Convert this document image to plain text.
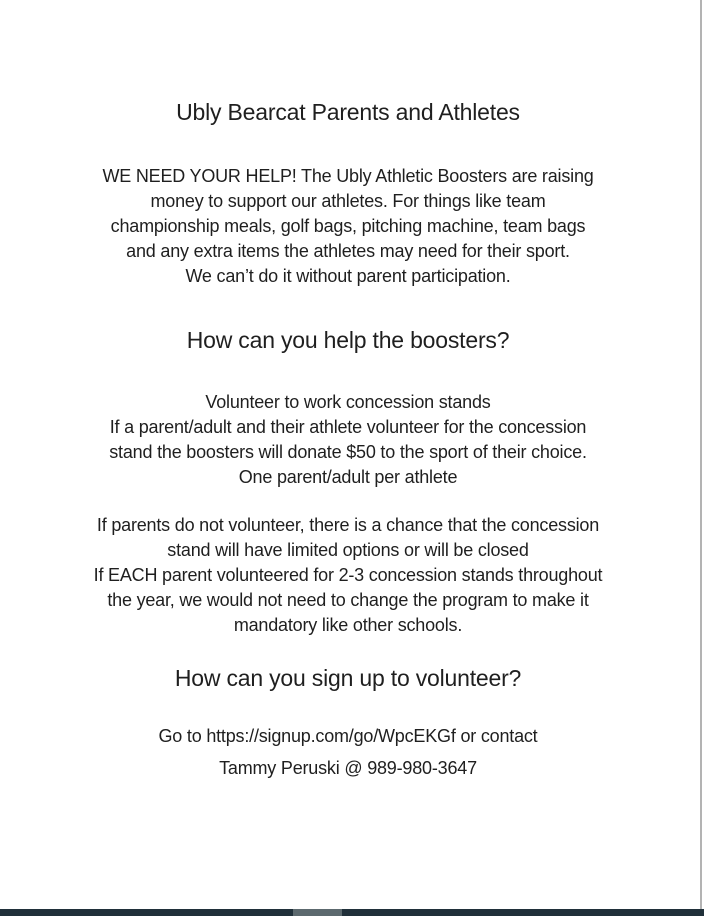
Ubly Bearcat Parents and Athletes
WE NEED YOUR HELP! The Ubly Athletic Boosters are raising
money to support our athletes. For things like team
championship meals, golf bags, pitching machine, team bags
and any extra items the athletes may need for their sport.
We can’t do it without parent participation.
How can you help the boosters?
Volunteer to work concession stands
If a parent/adult and their athlete volunteer for the concession
stand the boosters will donate $50 to the sport of their choice.
One parent/adult per athlete
If parents do not volunteer, there is a chance that the concession
stand will have limited options or will be closed
If EACH parent volunteered for 2-3 concession stands throughout
the year, we would not need to change the program to make it
mandatory like other schools.
How can you sign up to volunteer?
Go to https://signup.com/go/WpcEKGf or contact
Tammy Peruski @ 989-980-3647
